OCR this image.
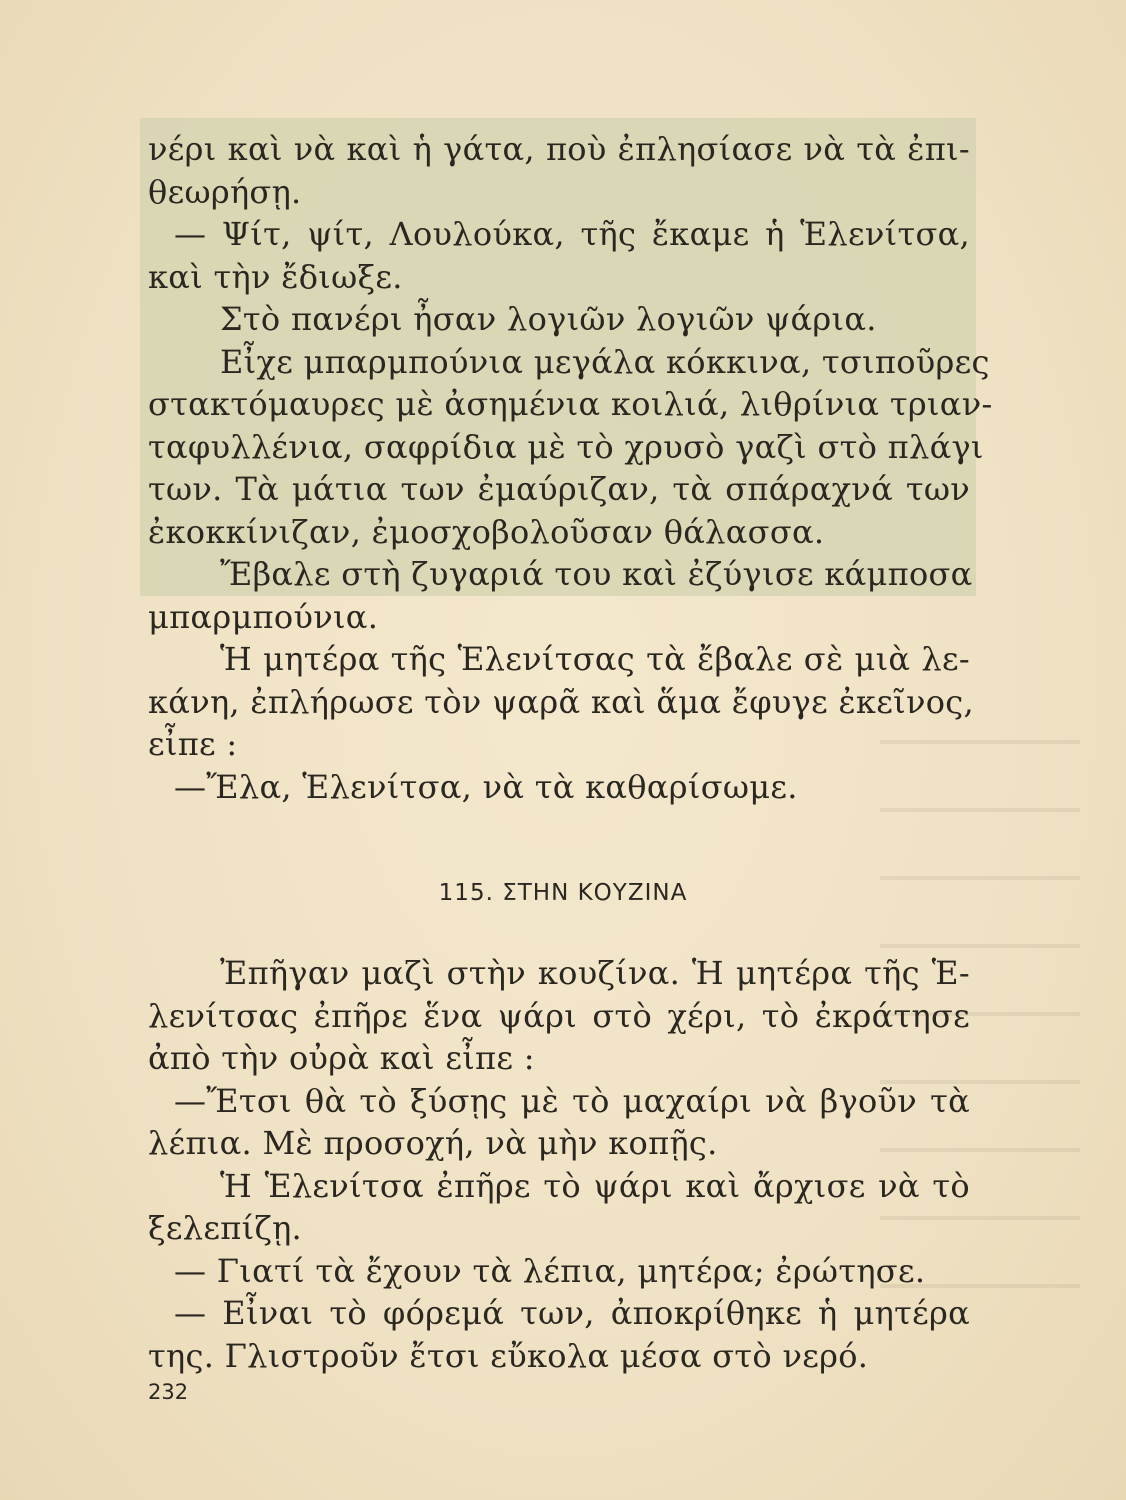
νέρι καὶ νὰ καὶ ἡ γάτα, ποὺ ἐπλησίασε νὰ τὰ ἐπι-
θεωρήσῃ.
— Ψίτ, ψίτ, Λουλούκα, τῆς ἔκαμε ἡ Ἑλενίτσα,
καὶ τὴν ἔδιωξε.
Στὸ πανέρι ἦσαν λογιῶν λογιῶν ψάρια.
Εἶχε μπαρμπούνια μεγάλα κόκκινα, τσιποῦρες
στακτόμαυρες μὲ ἀσημένια κοιλιά, λιθρίνια τριαν-
ταφυλλένια, σαφρίδια μὲ τὸ χρυσὸ γαζὶ στὸ πλάγι
των. Τὰ μάτια των ἐμαύριζαν, τὰ σπάραχνά των
ἐκοκκίνιζαν, ἐμοσχοβολοῦσαν θάλασσα.
Ἔβαλε στὴ ζυγαριά του καὶ ἐζύγισε κάμποσα
μπαρμπούνια.
Ἡ μητέρα τῆς Ἑλενίτσας τὰ ἔβαλε σὲ μιὰ λε-
κάνη, ἐπλήρωσε τὸν ψαρᾶ καὶ ἅμα ἔφυγε ἐκεῖνος,
εἶπε :
—Ἔλα, Ἑλενίτσα, νὰ τὰ καθαρίσωμε.
115. ΣΤΗΝ ΚΟΥΖΙΝΑ
Ἐπῆγαν μαζὶ στὴν κουζίνα. Ἡ μητέρα τῆς Ἑ-
λενίτσας ἐπῆρε ἕνα ψάρι στὸ χέρι, τὸ ἐκράτησε
ἀπὸ τὴν οὐρὰ καὶ εἶπε :
—Ἔτσι θὰ τὸ ξύσῃς μὲ τὸ μαχαίρι νὰ βγοῦν τὰ
λέπια. Μὲ προσοχή, νὰ μὴν κοπῇς.
Ἡ Ἑλενίτσα ἐπῆρε τὸ ψάρι καὶ ἄρχισε νὰ τὸ
ξελεπίζῃ.
— Γιατί τὰ ἔχουν τὰ λέπια, μητέρα; ἐρώτησε.
— Εἶναι τὸ φόρεμά των, ἀποκρίθηκε ἡ μητέρα
της. Γλιστροῦν ἔτσι εὔκολα μέσα στὸ νερό.
232
